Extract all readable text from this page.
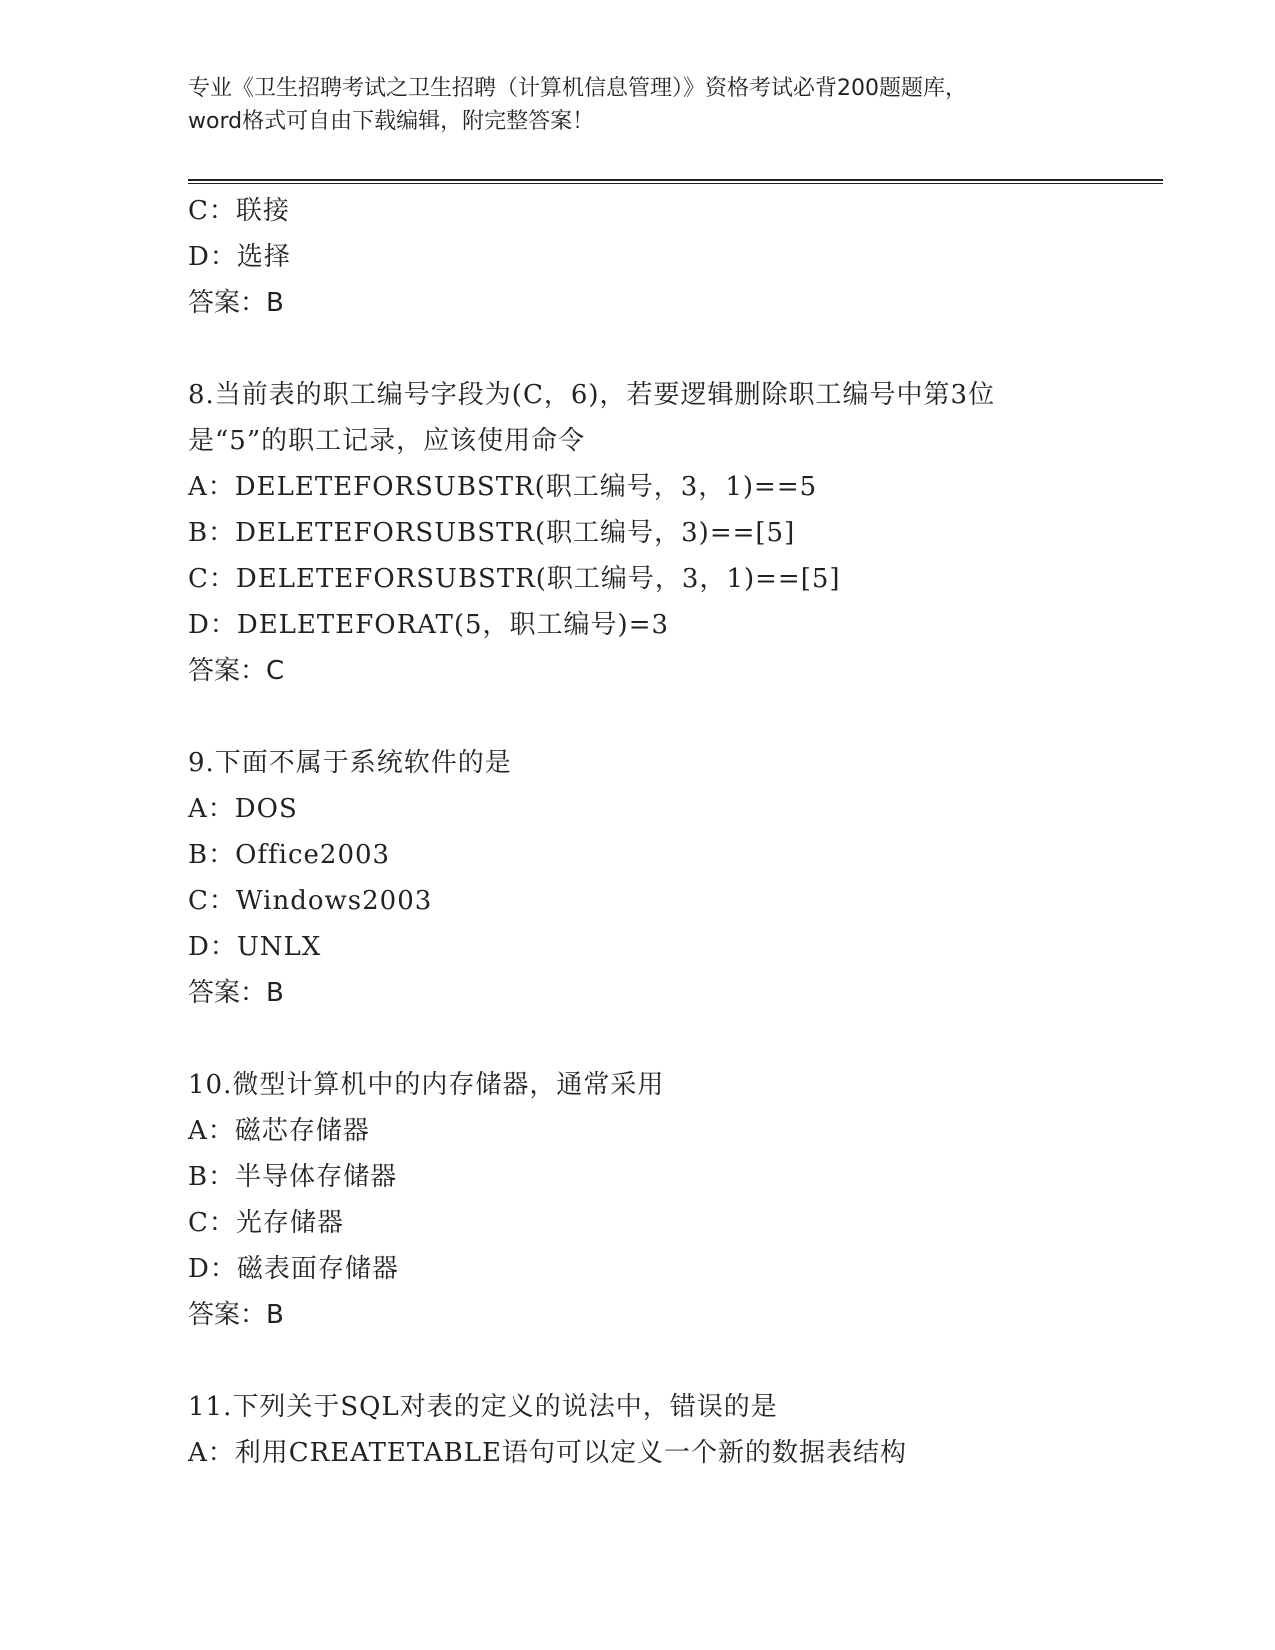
专业《卫生招聘考试之卫生招聘（计算机信息管理）》资格考试必背200题题库，
word格式可自由下载编辑，附完整答案！
C：联接
D：选择
答案：B
8.当前表的职工编号字段为(C，6)，若要逻辑删除职工编号中第3位
是“5”的职工记录，应该使用命令
A：DELETEFORSUBSTR(职工编号，3，1)==5
B：DELETEFORSUBSTR(职工编号，3)==[5]
C：DELETEFORSUBSTR(职工编号，3，1)==[5]
D：DELETEFORAT(5，职工编号)=3
答案：C
9.下面不属于系统软件的是
A：DOS
B：Office2003
C：Windows2003
D：UNLX
答案：B
10.微型计算机中的内存储器，通常采用
A：磁芯存储器
B：半导体存储器
C：光存储器
D：磁表面存储器
答案：B
11.下列关于SQL对表的定义的说法中，错误的是
A：利用CREATETABLE语句可以定义一个新的数据表结构
